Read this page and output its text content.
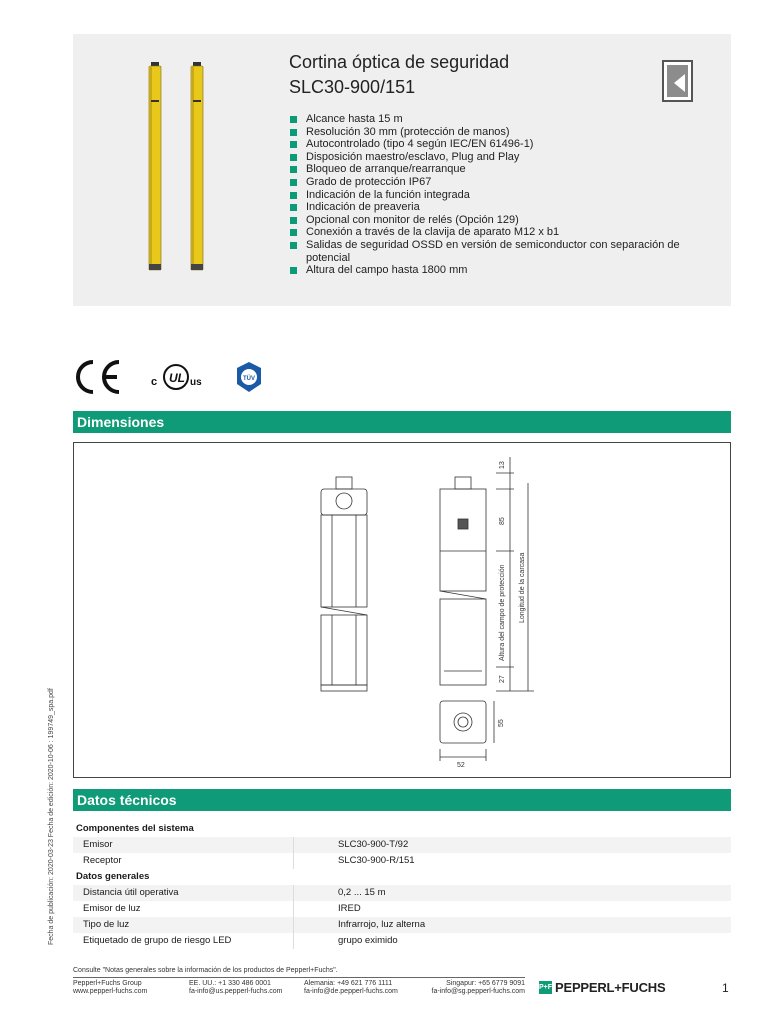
Cortina óptica de seguridad
SLC30-900/151
Alcance hasta 15 m
Resolución 30 mm (protección de manos)
Autocontrolado (tipo 4 según IEC/EN 61496-1)
Disposición maestro/esclavo, Plug and Play
Bloqueo de arranque/rearranque
Grado de protección IP67
Indicación de la función integrada
Indicación de preaveria
Opcional con monitor de relés (Opción 129)
Conexión a través de la clavija de aparato M12 x b1
Salidas de seguridad OSSD en versión de semiconductor con separación de potencial
Altura del campo hasta 1800 mm
UL
c	us	TÜV
Dimensiones
13
85
27
Altura del campo de protección Longitud de la carcasa
55
52
Datos técnicos
Componentes del sistema
Emisor	SLC30-900-T/92
Receptor	SLC30-900-R/151
Datos generales
Distancia útil operativa	0,2 ... 15 m
Emisor de luz	IRED
Tipo de luz	Infrarrojo, luz alterna
Etiquetado de grupo de riesgo LED	grupo eximido
Fecha de publicación: 2020-03-23 Fecha de edición: 2020-10-06 : 199749_spa.pdf
Consulte "Notas generales sobre la información de los productos de Pepperl+Fuchs".
Pepperl+Fuchs Group
www.pepperl-fuchs.com
EE. UU.: +1 330 486 0001
fa-info@us.pepperl-fuchs.com
Alemania: +49 621 776 1111
fa-info@de.pepperl-fuchs.com
Singapur: +65 6779 9091
fa-info@sg.pepperl-fuchs.com
P+F PEPPERL+FUCHS	1
